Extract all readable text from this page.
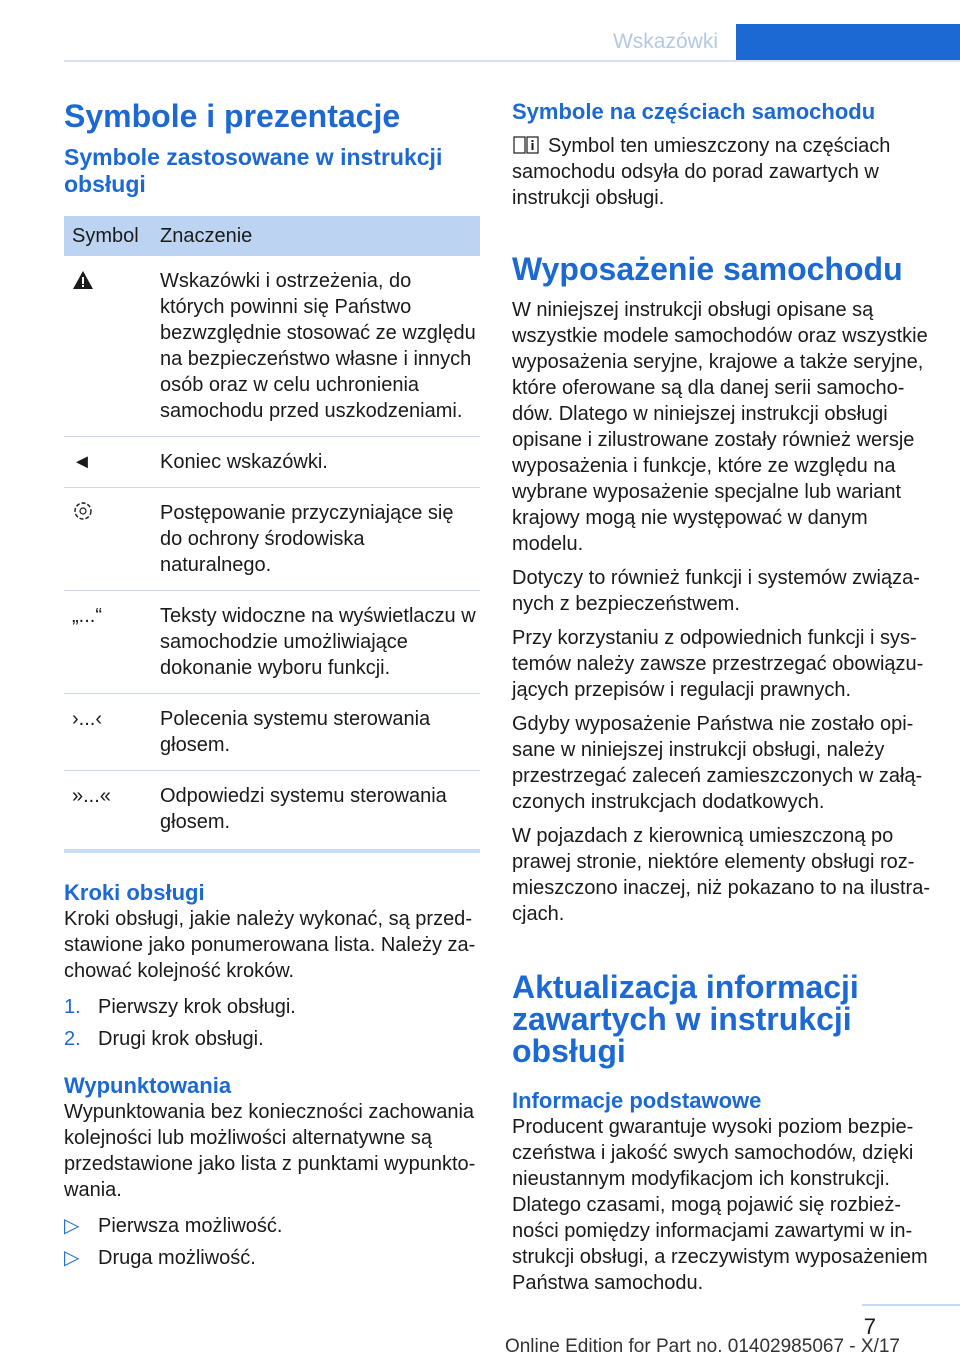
Wskazówki
Symbole i prezentacje
Symbole zastosowane w instrukcji obsługi
Symbol	Znaczenie
	Wskazówki i ostrzeżenia, do których powinni się Państwo bezwzględnie stosować ze względu na bezpieczeństwo własne i innych osób oraz w celu uchronienia samochodu przed uszkodzeniami.
◄	Koniec wskazówki.
	Postępowanie przyczyniające się do ochrony środowiska naturalnego.
„...“	Teksty widoczne na wyświetlaczu w samochodzie umożliwiające dokonanie wyboru funkcji.
›...‹	Polecenia systemu sterowania głosem.
»...«	Odpowiedzi systemu sterowania głosem.
Kroki obsługi

Kroki obsługi, jakie należy wykonać, są przedstawione jako ponumerowana lista. Należy zachować kolejność kroków.

1. Pierwszy krok obsługi.
2. Drugi krok obsługi.
Wypunktowania

Wypunktowania bez konieczności zachowania kolejności lub możliwości alternatywne są przedstawione jako lista z punktami wypunktowania.

▷ Pierwsza możliwość.
▷ Druga możliwość.
Symbole na częściach samochodu

Symbol ten umieszczony na częściach samochodu odsyła do porad zawartych w instrukcji obsługi.

Wyposażenie samochodu

W niniejszej instrukcji obsługi opisane są wszystkie modele samochodów oraz wszystkie wyposażenia seryjne, krajowe a także seryjne, które oferowane są dla danej serii samochodów. Dlatego w niniejszej instrukcji obsługi opisane i zilustrowane zostały również wersje wyposażenia i funkcje, które ze względu na wybrane wyposażenie specjalne lub wariant krajowy mogą nie występować w danym modelu.

Dotyczy to również funkcji i systemów związanych z bezpieczeństwem.

Przy korzystaniu z odpowiednich funkcji i systemów należy zawsze przestrzegać obowiązujących przepisów i regulacji prawnych.

Gdyby wyposażenie Państwa nie zostało opisane w niniejszej instrukcji obsługi, należy przestrzegać zaleceń zamieszczonych w załączonych instrukcjach dodatkowych.

W pojazdach z kierownicą umieszczoną po prawej stronie, niektóre elementy obsługi rozmieszczono inaczej, niż pokazano to na ilustracjach.

Aktualizacja informacji zawartych w instrukcji obsługi
Informacje podstawowe

Producent gwarantuje wysoki poziom bezpieczeństwa i jakość swych samochodów, dzięki nieustannym modyfikacjom ich konstrukcji. Dlatego czasami, mogą pojawić się rozbieżności pomiędzy informacjami zawartymi w instrukcji obsługi, a rzeczywistym wyposażeniem Państwa samochodu.

7
Online Edition for Part no. 01402985067 - X/17
